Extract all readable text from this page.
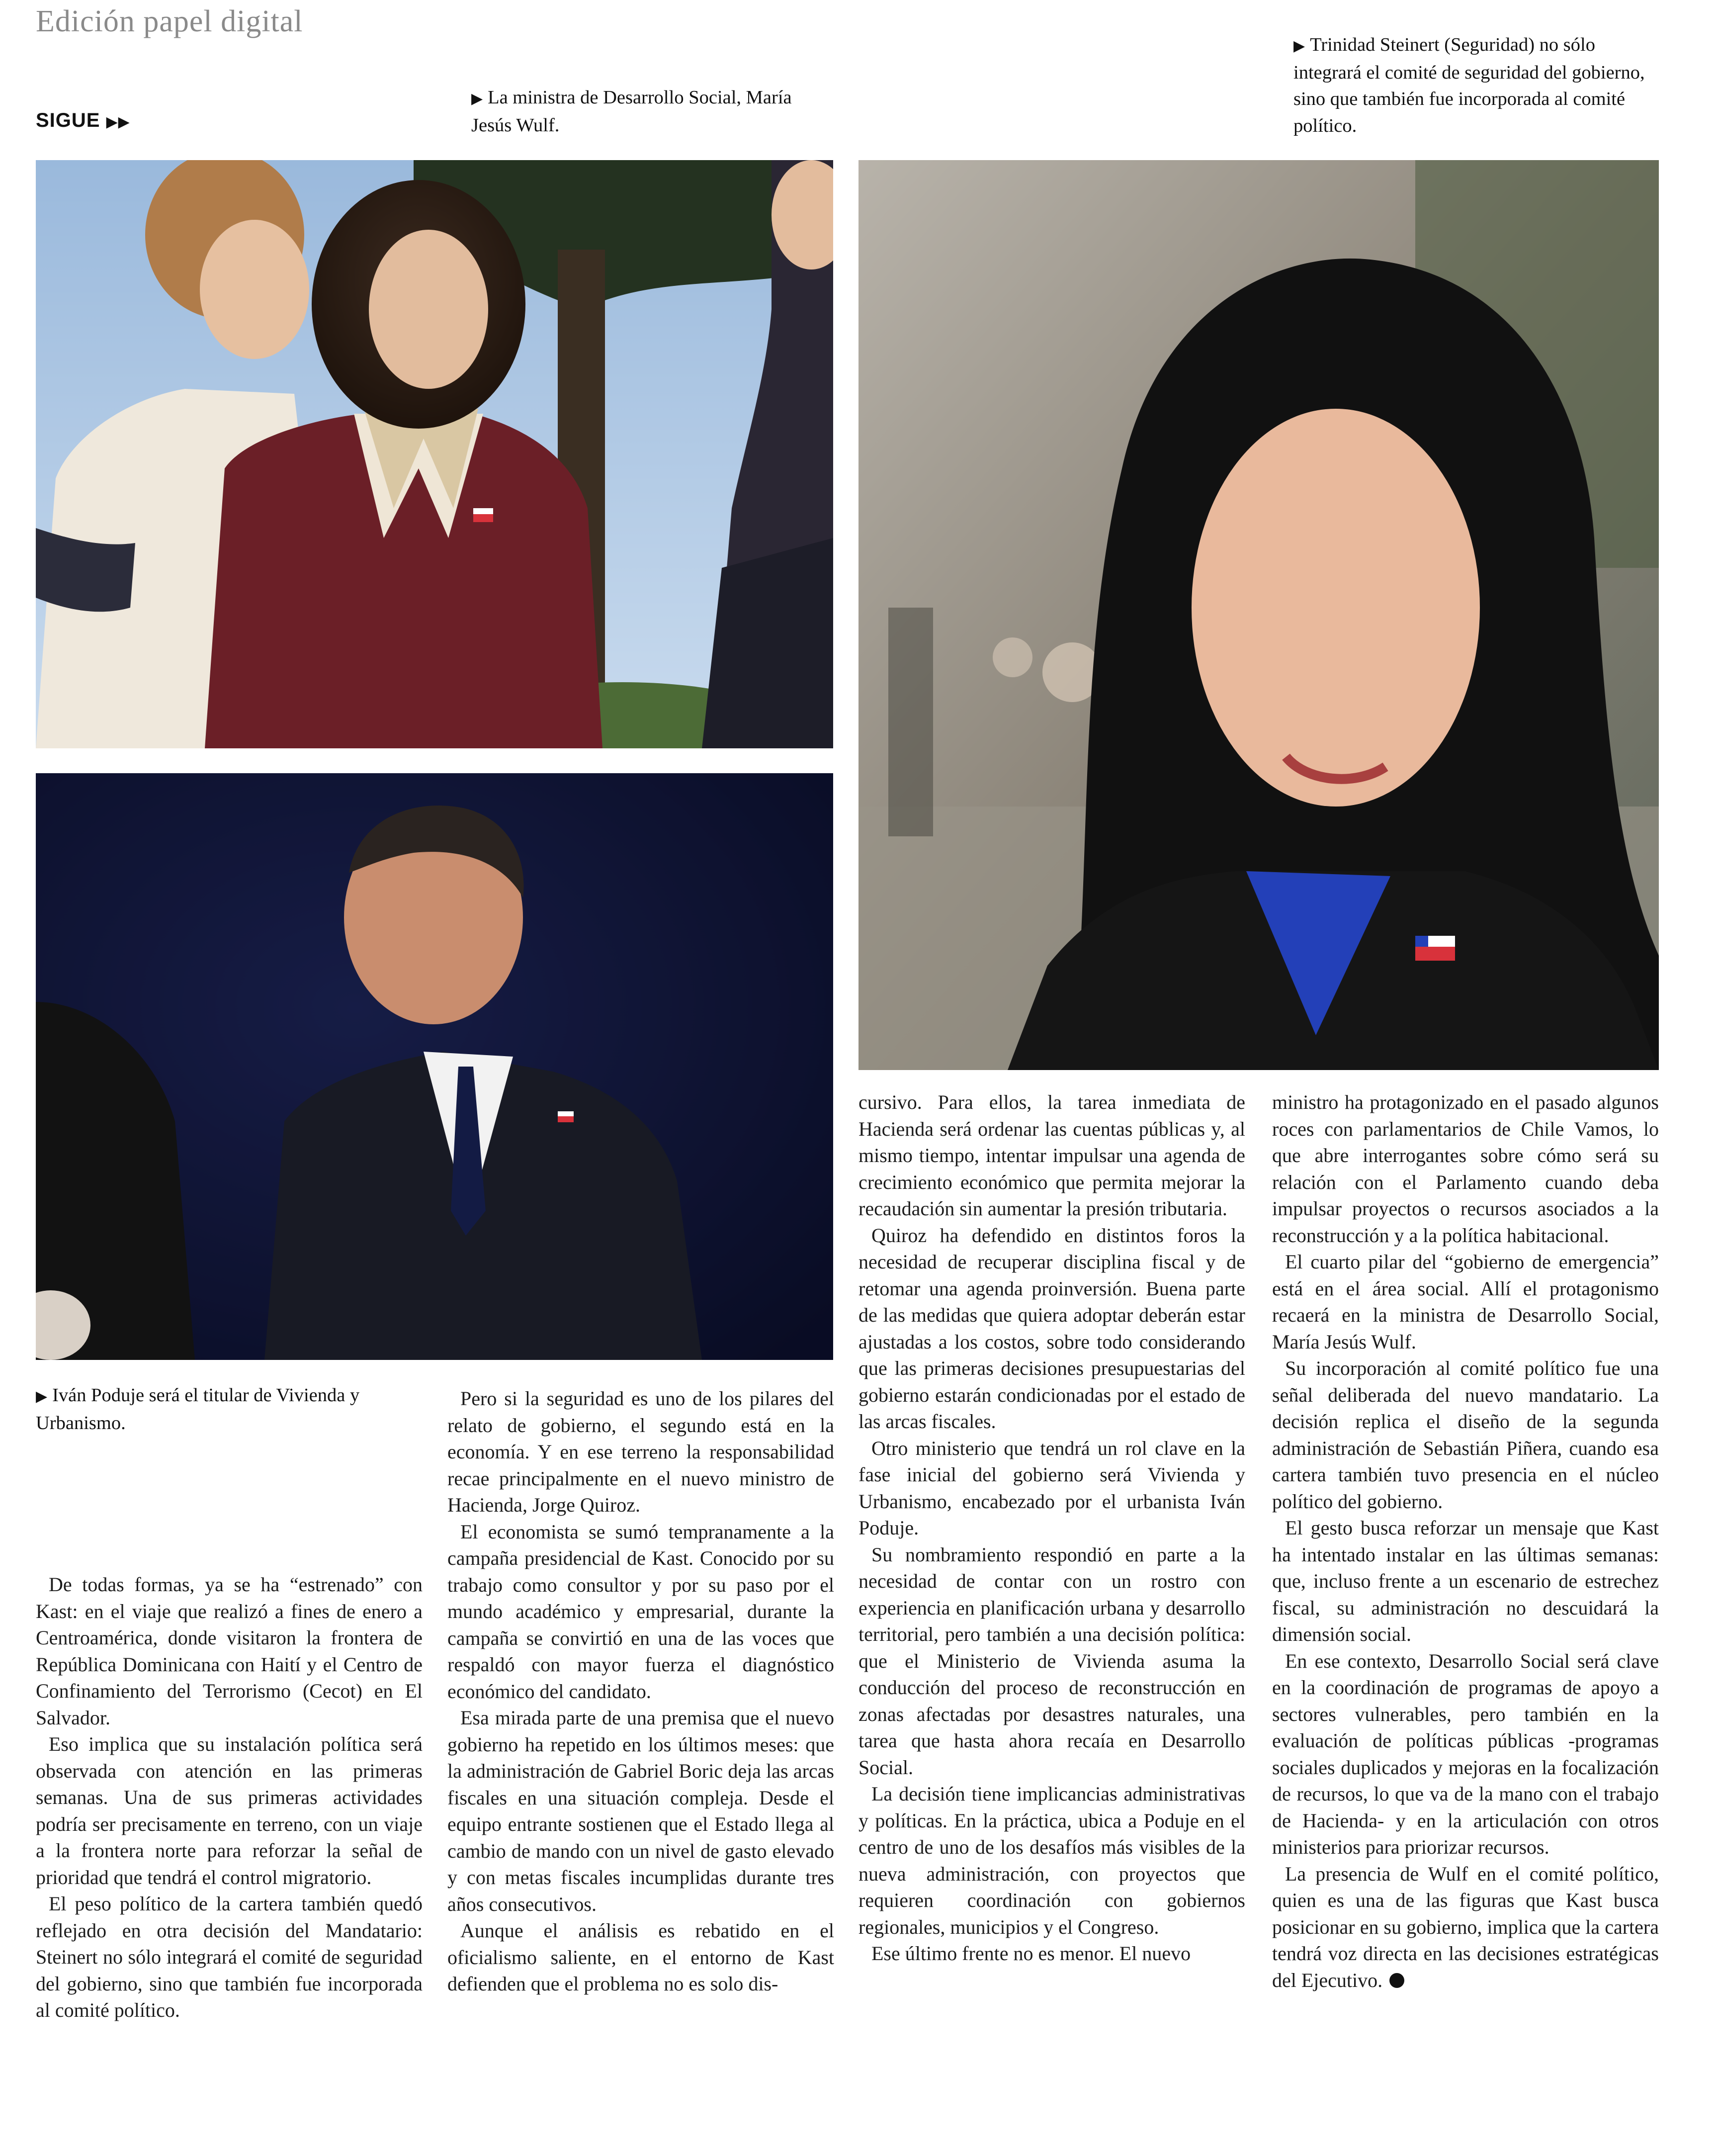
Edición papel digital
SIGUE ▶▶
▶ La ministra de Desarrollo Social, María Jesús Wulf.
▶ Trinidad Steinert (Seguridad) no sólo integrará el comité de seguridad del gobierno, sino que también fue incorporada al comité político.
▶ Iván Poduje será el titular de Vivienda y Urbanismo.

De todas formas, ya se ha “estrenado” con Kast: en el viaje que realizó a fines de enero a Centroamérica, donde visitaron la frontera de República Dominicana con Haití y el Centro de Confinamiento del Terrorismo (Cecot) en El Salvador.

Eso implica que su instalación política será observada con atención en las primeras semanas. Una de sus primeras actividades podría ser precisamente en terreno, con un viaje a la frontera norte para reforzar la señal de prioridad que tendrá el control migratorio.

El peso político de la cartera también quedó reflejado en otra decisión del Mandatario: Steinert no sólo integrará el comité de seguridad del gobierno, sino que también fue incorporada al comité político.

Pero si la seguridad es uno de los pilares del relato de gobierno, el segundo está en la economía. Y en ese terreno la responsabilidad recae principalmente en el nuevo ministro de Hacienda, Jorge Quiroz.

El economista se sumó tempranamente a la campaña presidencial de Kast. Conocido por su trabajo como consultor y por su paso por el mundo académico y empresarial, durante la campaña se convirtió en una de las voces que respaldó con mayor fuerza el diagnóstico económico del candidato.

Esa mirada parte de una premisa que el nuevo gobierno ha repetido en los últimos meses: que la administración de Gabriel Boric deja las arcas fiscales en una situación compleja. Desde el equipo entrante sostienen que el Estado llega al cambio de mando con un nivel de gasto elevado y con metas fiscales incumplidas durante tres años consecutivos.

Aunque el análisis es rebatido en el oficialismo saliente, en el entorno de Kast defienden que el problema no es solo dis-

cursivo. Para ellos, la tarea inmediata de Hacienda será ordenar las cuentas públicas y, al mismo tiempo, intentar impulsar una agenda de crecimiento económico que permita mejorar la recaudación sin aumentar la presión tributaria.

Quiroz ha defendido en distintos foros la necesidad de recuperar disciplina fiscal y de retomar una agenda proinversión. Buena parte de las medidas que quiera adoptar deberán estar ajustadas a los costos, sobre todo considerando que las primeras decisiones presupuestarias del gobierno estarán condicionadas por el estado de las arcas fiscales.

Otro ministerio que tendrá un rol clave en la fase inicial del gobierno será Vivienda y Urbanismo, encabezado por el urbanista Iván Poduje.

Su nombramiento respondió en parte a la necesidad de contar con un rostro con experiencia en planificación urbana y desarrollo territorial, pero también a una decisión política: que el Ministerio de Vivienda asuma la conducción del proceso de reconstrucción en zonas afectadas por desastres naturales, una tarea que hasta ahora recaía en Desarrollo Social.

La decisión tiene implicancias administrativas y políticas. En la práctica, ubica a Poduje en el centro de uno de los desafíos más visibles de la nueva administración, con proyectos que requieren coordinación con gobiernos regionales, municipios y el Congreso.

Ese último frente no es menor. El nuevo

ministro ha protagonizado en el pasado algunos roces con parlamentarios de Chile Vamos, lo que abre interrogantes sobre cómo será su relación con el Parlamento cuando deba impulsar proyectos o recursos asociados a la reconstrucción y a la política habitacional.

El cuarto pilar del “gobierno de emergencia” está en el área social. Allí el protagonismo recaerá en la ministra de Desarrollo Social, María Jesús Wulf.

Su incorporación al comité político fue una señal deliberada del nuevo mandatario. La decisión replica el diseño de la segunda administración de Sebastián Piñera, cuando esa cartera también tuvo presencia en el núcleo político del gobierno.

El gesto busca reforzar un mensaje que Kast ha intentado instalar en las últimas semanas: que, incluso frente a un escenario de estrechez fiscal, su administración no descuidará la dimensión social.

En ese contexto, Desarrollo Social será clave en la coordinación de programas de apoyo a sectores vulnerables, pero también en la evaluación de políticas públicas -programas sociales duplicados y mejoras en la focalización de recursos, lo que va de la mano con el trabajo de Hacienda- y en la articulación con otros ministerios para priorizar recursos.

La presencia de Wulf en el comité político, quien es una de las figuras que Kast busca posicionar en su gobierno, implica que la cartera tendrá voz directa en las decisiones estratégicas del Ejecutivo.
